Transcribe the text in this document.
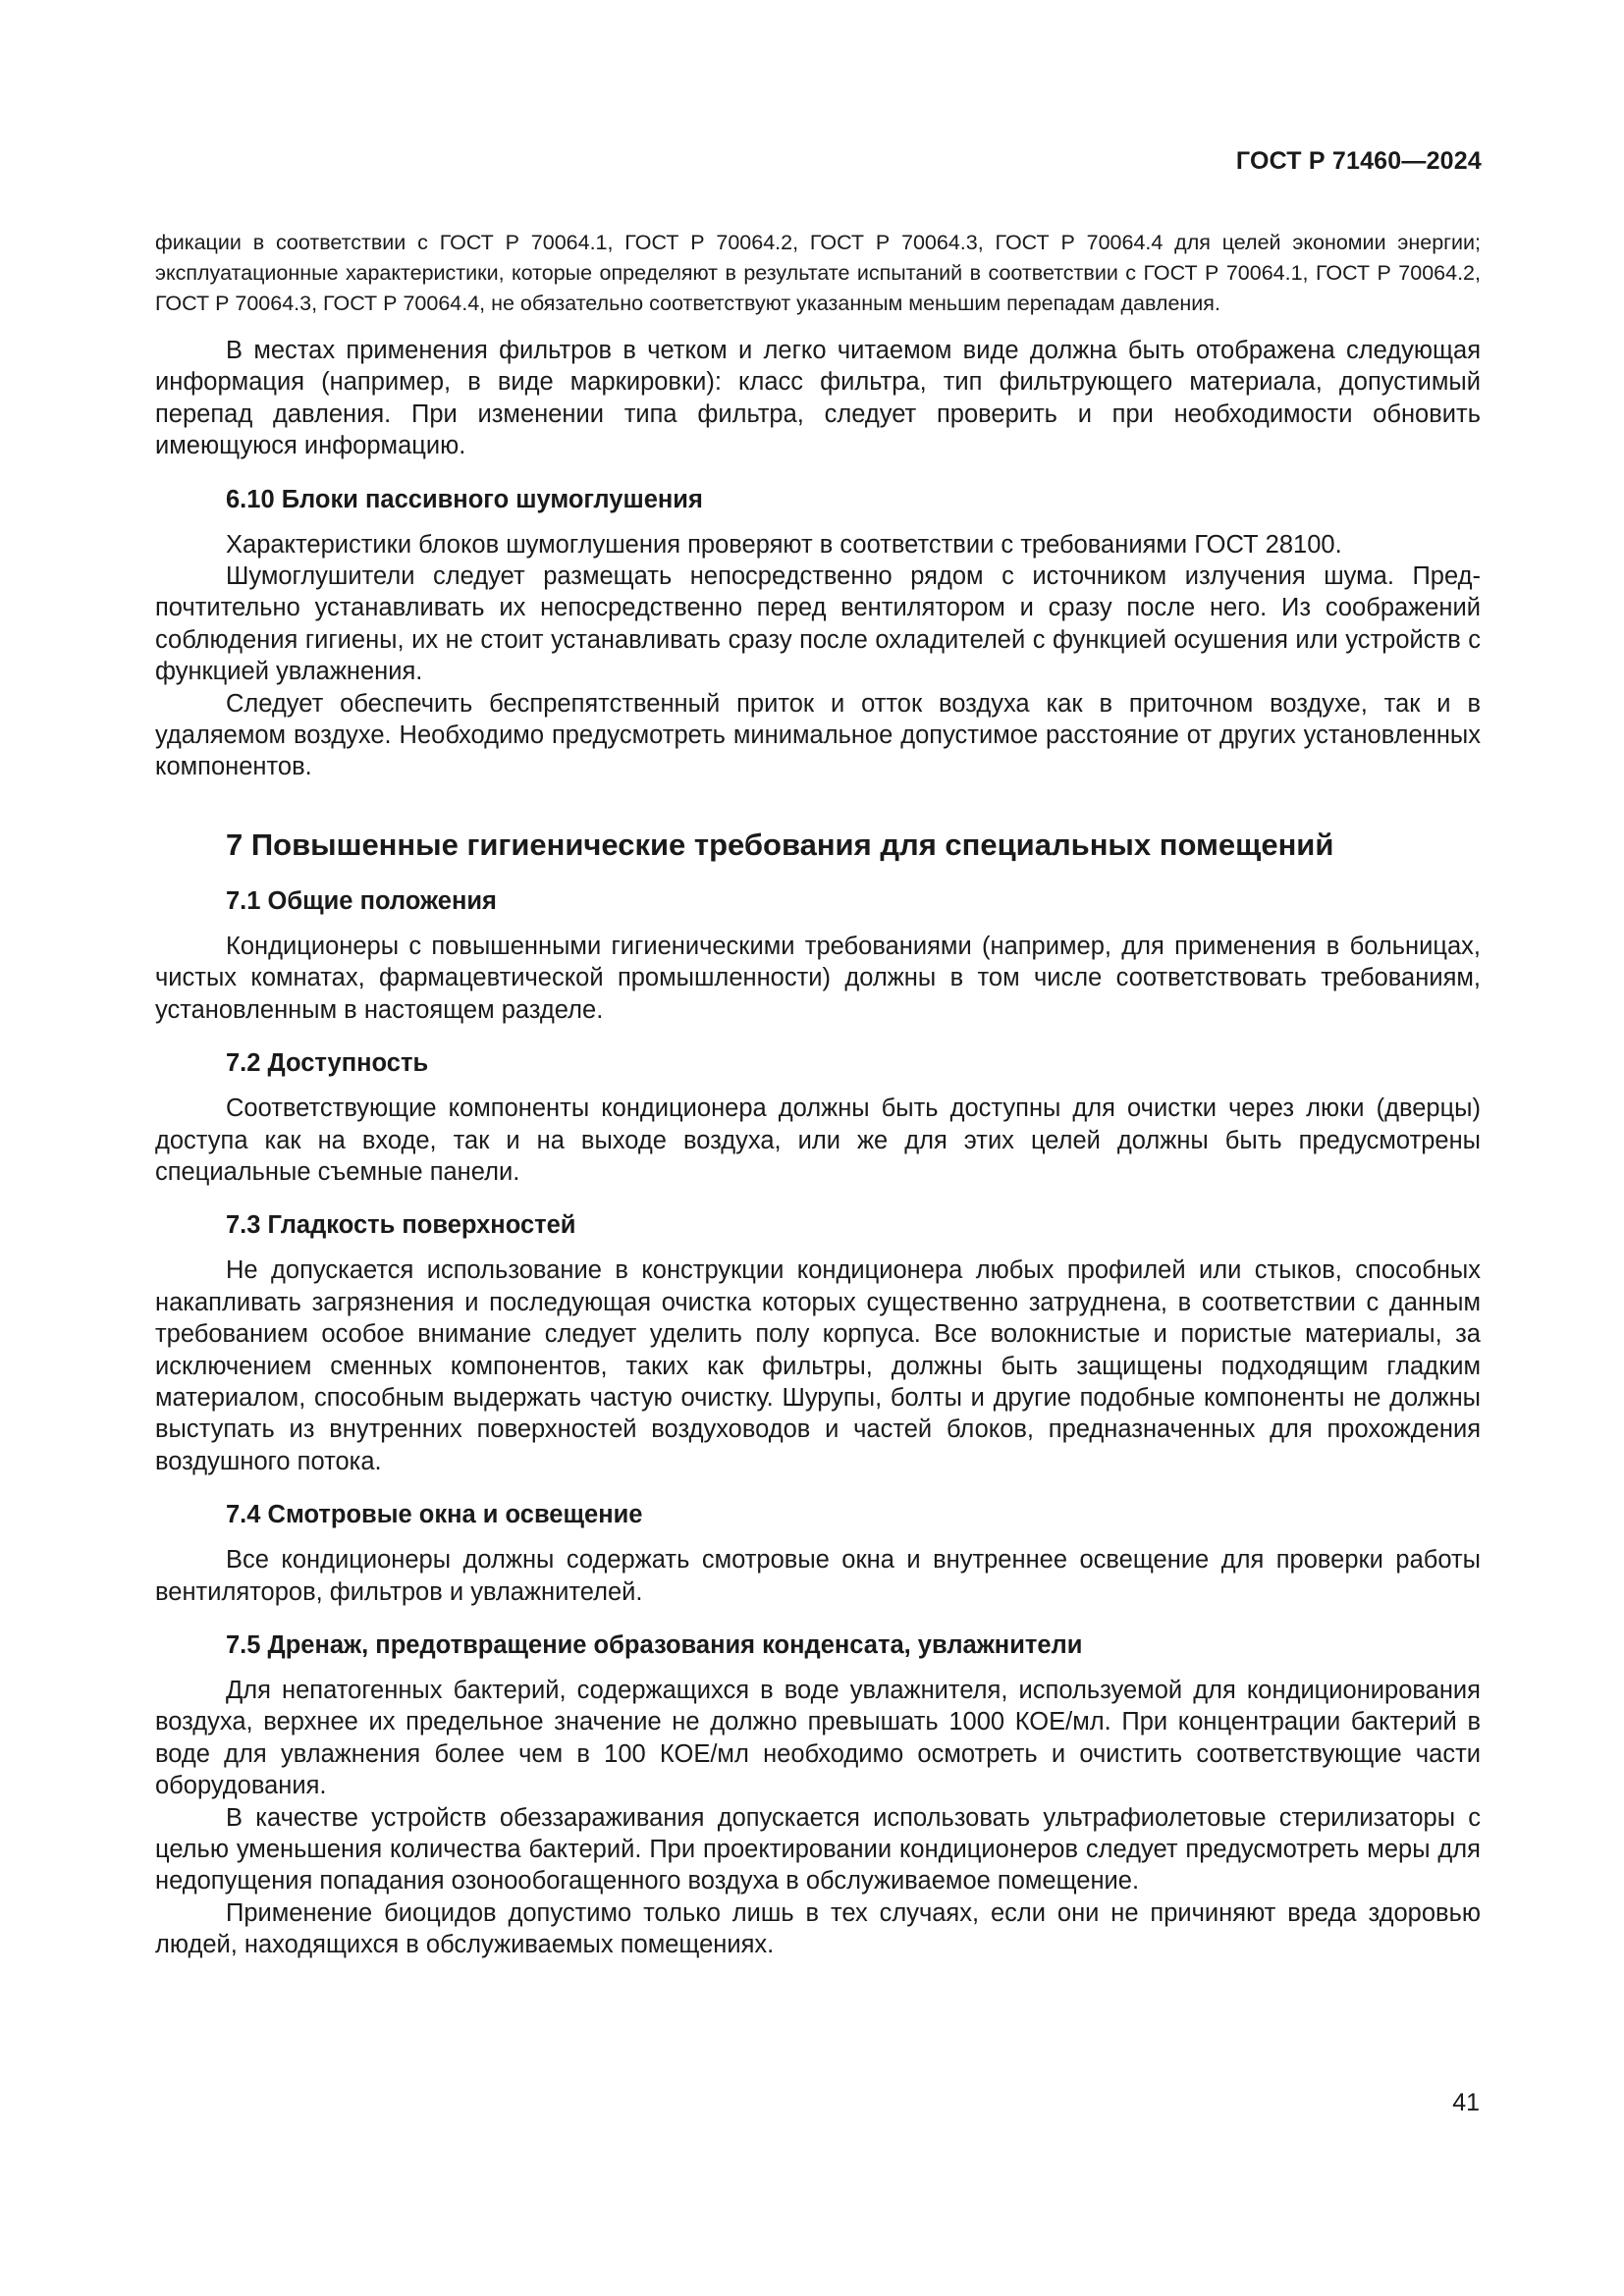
ГОСТ Р 71460—2024

фикации в соответствии с ГОСТ Р 70064.1, ГОСТ Р 70064.2, ГОСТ Р 70064.3, ГОСТ Р 70064.4 для целей экономии энергии; эксплуатационные характеристики, которые определяют в результате испытаний в соответствии с ГОСТ Р 70064.1, ГОСТ Р 70064.2, ГОСТ Р 70064.3, ГОСТ Р 70064.4, не обязательно соответствуют указанным меньшим перепадам давления.

В местах применения фильтров в четком и легко читаемом виде должна быть отображена следующая информация (например, в виде маркировки): класс фильтра, тип фильтрующего материала, допустимый перепад давления. При изменении типа фильтра, следует проверить и при необходимости обновить имеющуюся информацию.

6.10 Блоки пассивного шумоглушения

Характеристики блоков шумоглушения проверяют в соответствии с требованиями ГОСТ 28100.

Шумоглушители следует размещать непосредственно рядом с источником излучения шума. Предпочтительно устанавливать их непосредственно перед вентилятором и сразу после него. Из соображений соблюдения гигиены, их не стоит устанавливать сразу после охладителей с функцией осушения или устройств с функцией увлажнения.

Следует обеспечить беспрепятственный приток и отток воздуха как в приточном воздухе, так и в удаляемом воздухе. Необходимо предусмотреть минимальное допустимое расстояние от других установленных компонентов.

7 Повышенные гигиенические требования для специальных помещений
7.1 Общие положения

Кондиционеры с повышенными гигиеническими требованиями (например, для применения в больницах, чистых комнатах, фармацевтической промышленности) должны в том числе соответствовать требованиям, установленным в настоящем разделе.

7.2 Доступность

Соответствующие компоненты кондиционера должны быть доступны для очистки через люки (дверцы) доступа как на входе, так и на выходе воздуха, или же для этих целей должны быть предусмотрены специальные съемные панели.

7.3 Гладкость поверхностей

Не допускается использование в конструкции кондиционера любых профилей или стыков, способных накапливать загрязнения и последующая очистка которых существенно затруднена, в соответствии с данным требованием особое внимание следует уделить полу корпуса. Все волокнистые и пористые материалы, за исключением сменных компонентов, таких как фильтры, должны быть защищены подходящим гладким материалом, способным выдержать частую очистку. Шурупы, болты и другие подобные компоненты не должны выступать из внутренних поверхностей воздуховодов и частей блоков, предназначенных для прохождения воздушного потока.

7.4 Смотровые окна и освещение

Все кондиционеры должны содержать смотровые окна и внутреннее освещение для проверки работы вентиляторов, фильтров и увлажнителей.

7.5 Дренаж, предотвращение образования конденсата, увлажнители

Для непатогенных бактерий, содержащихся в воде увлажнителя, используемой для кондиционирования воздуха, верхнее их предельное значение не должно превышать 1000 КОЕ/мл. При концентрации бактерий в воде для увлажнения более чем в 100 КОЕ/мл необходимо осмотреть и очистить соответствующие части оборудования.

В качестве устройств обеззараживания допускается использовать ультрафиолетовые стерилизаторы с целью уменьшения количества бактерий. При проектировании кондиционеров следует предусмотреть меры для недопущения попадания озонообогащенного воздуха в обслуживаемое помещение.

Применение биоцидов допустимо только лишь в тех случаях, если они не причиняют вреда здоровью людей, находящихся в обслуживаемых помещениях.

41
